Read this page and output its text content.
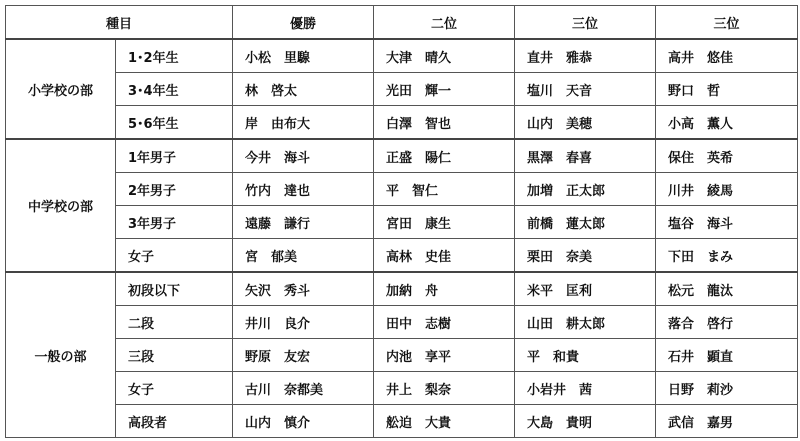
種目		優勝	二位	三位	三位
小学校の部	1･2年生	小松　里騡	大津　晴久	直井　雅恭	高井　悠佳
	3･4年生	林　啓太	光田　輝一	塩川　天音	野口　哲
	5･6年生	岸　由布大	白澤　智也	山内　美穂	小高　薫人
中学校の部	1年男子	今井　海斗	正盛　陽仁	黒澤　春喜	保住　英希
	2年男子	竹内　達也	平　智仁	加増　正太郎	川井　綾馬
	3年男子	遠藤　謙行	宮田　康生	前橋　蓮太郎	塩谷　海斗
	女子	宮　郁美	高林　史佳	栗田　奈美	下田　まみ
一般の部	初段以下	矢沢　秀斗	加納　舟	米平　匡利	松元　龍汰
	二段	井川　良介	田中　志樹	山田　耕太郎	落合　啓行
	三段	野原　友宏	内池　享平	平　和貴	石井　顕直
	女子	古川　奈都美	井上　梨奈	小岩井　茜	日野　莉沙
	高段者	山内　慎介	舩迫　大貴	大島　貴明	武信　嘉男
